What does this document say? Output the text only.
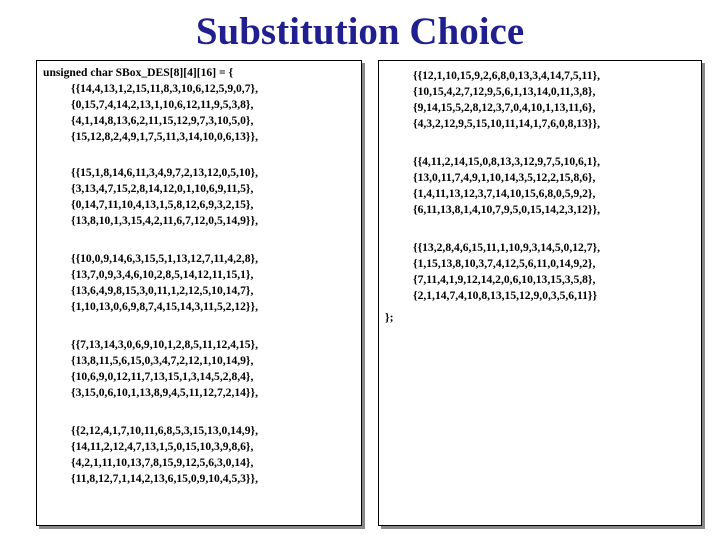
Substitution Choice
unsigned char SBox_DES[8][4][16] = {
{{14,4,13,1,2,15,11,8,3,10,6,12,5,9,0,7},
{0,15,7,4,14,2,13,1,10,6,12,11,9,5,3,8},
{4,1,14,8,13,6,2,11,15,12,9,7,3,10,5,0},
{15,12,8,2,4,9,1,7,5,11,3,14,10,0,6,13}},
{{15,1,8,14,6,11,3,4,9,7,2,13,12,0,5,10},
{3,13,4,7,15,2,8,14,12,0,1,10,6,9,11,5},
{0,14,7,11,10,4,13,1,5,8,12,6,9,3,2,15},
{13,8,10,1,3,15,4,2,11,6,7,12,0,5,14,9}},
{{10,0,9,14,6,3,15,5,1,13,12,7,11,4,2,8},
{13,7,0,9,3,4,6,10,2,8,5,14,12,11,15,1},
{13,6,4,9,8,15,3,0,11,1,2,12,5,10,14,7},
{1,10,13,0,6,9,8,7,4,15,14,3,11,5,2,12}},
{{7,13,14,3,0,6,9,10,1,2,8,5,11,12,4,15},
{13,8,11,5,6,15,0,3,4,7,2,12,1,10,14,9},
{10,6,9,0,12,11,7,13,15,1,3,14,5,2,8,4},
{3,15,0,6,10,1,13,8,9,4,5,11,12,7,2,14}},
{{2,12,4,1,7,10,11,6,8,5,3,15,13,0,14,9},
{14,11,2,12,4,7,13,1,5,0,15,10,3,9,8,6},
{4,2,1,11,10,13,7,8,15,9,12,5,6,3,0,14},
{11,8,12,7,1,14,2,13,6,15,0,9,10,4,5,3}},
{{12,1,10,15,9,2,6,8,0,13,3,4,14,7,5,11},
{10,15,4,2,7,12,9,5,6,1,13,14,0,11,3,8},
{9,14,15,5,2,8,12,3,7,0,4,10,1,13,11,6},
{4,3,2,12,9,5,15,10,11,14,1,7,6,0,8,13}},
{{4,11,2,14,15,0,8,13,3,12,9,7,5,10,6,1},
{13,0,11,7,4,9,1,10,14,3,5,12,2,15,8,6},
{1,4,11,13,12,3,7,14,10,15,6,8,0,5,9,2},
{6,11,13,8,1,4,10,7,9,5,0,15,14,2,3,12}},
{{13,2,8,4,6,15,11,1,10,9,3,14,5,0,12,7},
{1,15,13,8,10,3,7,4,12,5,6,11,0,14,9,2},
{7,11,4,1,9,12,14,2,0,6,10,13,15,3,5,8},
{2,1,14,7,4,10,8,13,15,12,9,0,3,5,6,11}}
};
